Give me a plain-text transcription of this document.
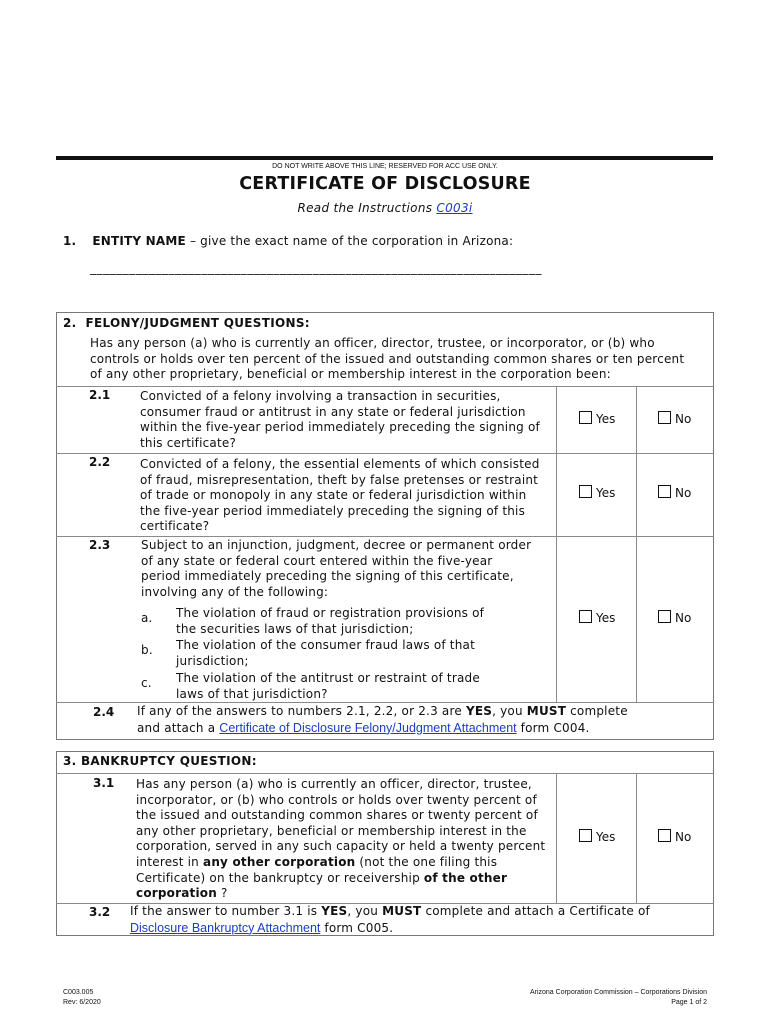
DO NOT WRITE ABOVE THIS LINE; RESERVED FOR ACC USE ONLY.
CERTIFICATE OF DISCLOSURE
Read the Instructions C003i
1. ENTITY NAME – give the exact name of the corporation in Arizona:
_____________________________________________________________________
2.  FELONY/JUDGMENT QUESTIONS:
Has any person (a) who is currently an officer, director, trustee, or incorporator, or (b) who
controls or holds over ten percent of the issued and outstanding common shares or ten percent
of any other proprietary, beneficial or membership interest in the corporation been:
2.1 Convicted of a felony involving a transaction in securities,
consumer fraud or antitrust in any state or federal jurisdiction
within the five-year period immediately preceding the signing of
this certificate?
Yes	No
2.2 Convicted of a felony, the essential elements of which consisted
of fraud, misrepresentation, theft by false pretenses or restraint
of trade or monopoly in any state or federal jurisdiction within
the five-year period immediately preceding the signing of this
certificate?
Yes	No
2.3	Subject to an injunction, judgment, decree or permanent order
of any state or federal court entered within the five-year
period immediately preceding the signing of this certificate,
involving any of the following:
a. The violation of fraud or registration provisions of
the securities laws of that jurisdiction;
b. The violation of the consumer fraud laws of that
jurisdiction;
c. The violation of the antitrust or restraint of trade
laws of that jurisdiction?
Yes	No
2.4 If any of the answers to numbers 2.1, 2.2, or 2.3 are YES, you MUST complete
and attach a Certificate of Disclosure Felony/Judgment Attachment form C004.
3. BANKRUPTCY QUESTION:
3.1 Has any person (a) who is currently an officer, director, trustee,
incorporator, or (b) who controls or holds over twenty percent of
the issued and outstanding common shares or twenty percent of
any other proprietary, beneficial or membership interest in the
corporation, served in any such capacity or held a twenty percent
interest in any other corporation (not the one filing this
Certificate) on the bankruptcy or receivership of the other
corporation ?
Yes	No
3.2 If the answer to number 3.1 is YES, you MUST complete and attach a Certificate of
Disclosure Bankruptcy Attachment form C005.
C003.005
Rev: 6/2020
Arizona Corporation Commission – Corporations Division
Page 1 of 2
